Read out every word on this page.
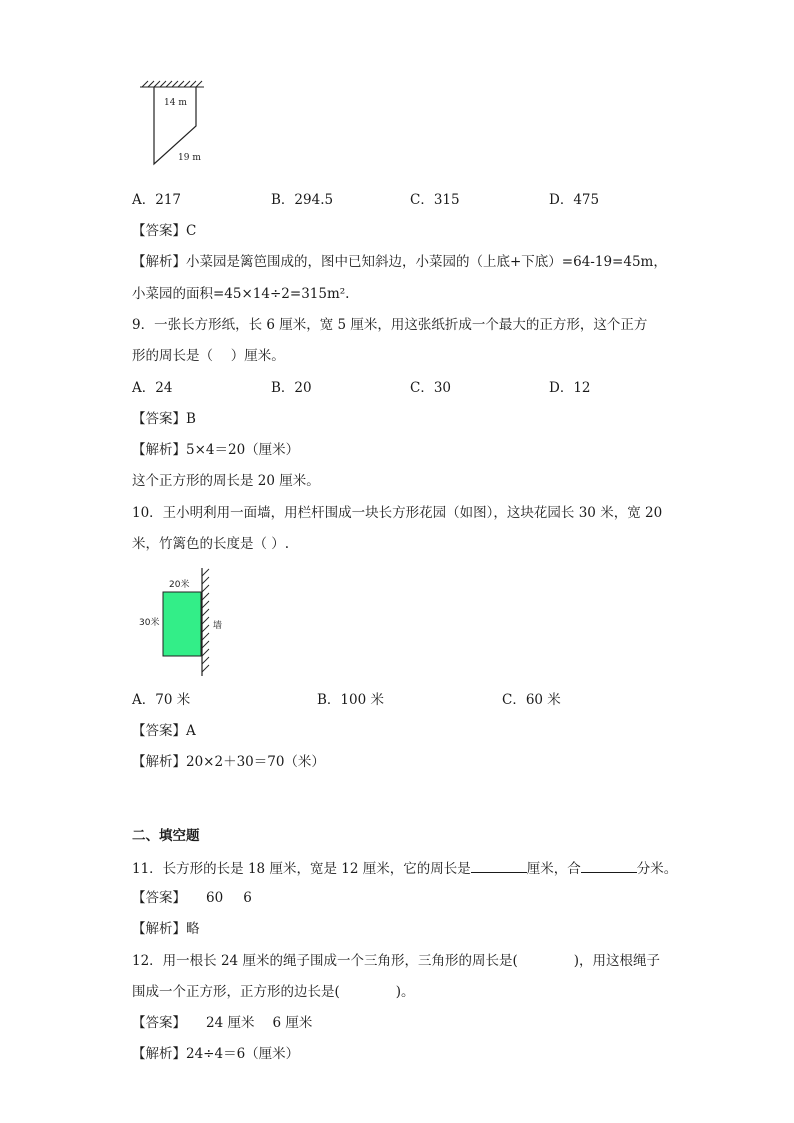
14 m
19 m
A．217	B．294.5	C．315	D．475
【答案】C
【解析】小菜园是篱笆围成的，图中已知斜边，小菜园的（上底+下底）=64-19=45m，
小菜园的面积=45×14÷2=315m².
9．一张长方形纸，长 6 厘米，宽 5 厘米，用这张纸折成一个最大的正方形，这个正方
形的周长是（　 ）厘米。
A．24	B．20	C．30	D．12
【答案】B
【解析】5×4＝20（厘米）
这个正方形的周长是 20 厘米。
10．王小明利用一面墙，用栏杆围成一块长方形花园（如图），这块花园长 30 米，宽 20
米，竹篱色的长度是（ ）.
20米
30米	墙
A．70 米	B．100 米	C．60 米
【答案】A
【解析】20×2＋30＝70（米）
二、填空题
11．长方形的长是 18 厘米，宽是 12 厘米，它的周长是	厘米，合	分米。
【答案】 60 6
【解析】略
12．用一根长 24 厘米的绳子围成一个三角形，三角形的周长是(	)，用这根绳子
围成一个正方形，正方形的边长是(	)。
【答案】 24 厘米 6 厘米
【解析】24÷4＝6（厘米）
